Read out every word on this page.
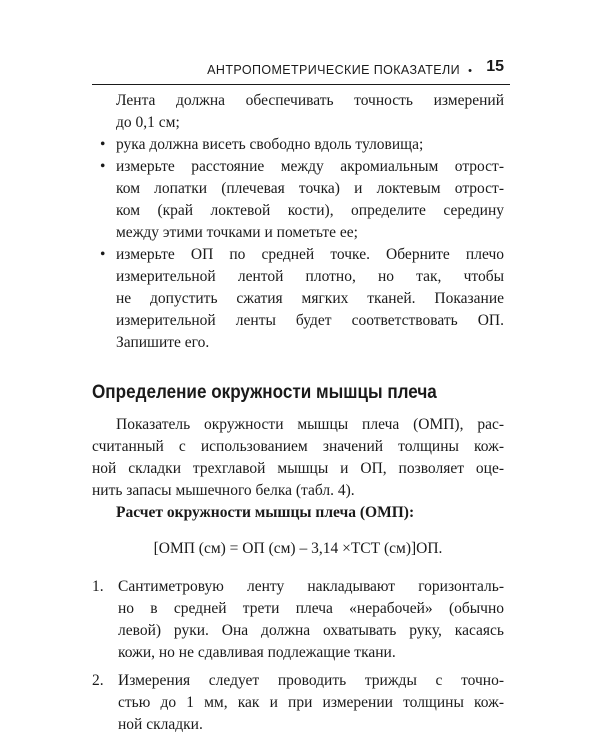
АНТРОПОМЕТРИЧЕСКИЕ ПОКАЗАТЕЛИ • 15
Лента должна обеспечивать точность измерений
до 0,1 см;
• рука должна висеть свободно вдоль туловища;
• измерьте расстояние между акромиальным отрост-
ком лопатки (плечевая точка) и локтевым отрост-
ком (край локтевой кости), определите середину
между этими точками и пометьте ее;
• измерьте ОП по средней точке. Оберните плечо
измерительной лентой плотно, но так, чтобы
не допустить сжатия мягких тканей. Показание
измерительной ленты будет соответствовать ОП.
Запишите его.
Определение окружности мышцы плеча
Показатель окружности мышцы плеча (ОМП), рас-
считанный с использованием значений толщины кож-
ной складки трехглавой мышцы и ОП, позволяет оце-
нить запасы мышечного белка (табл. 4).
Расчет окружности мышцы плеча (ОМП):
[ОМП (см) = ОП (см) – 3,14 ×ТСТ (см)]ОП.
1. Сантиметровую ленту накладывают горизонталь-
но в средней трети плеча «нерабочей» (обычно
левой) руки. Она должна охватывать руку, касаясь
кожи, но не сдавливая подлежащие ткани.
2. Измерения следует проводить трижды с точно-
стью до 1 мм, как и при измерении толщины кож-
ной складки.
